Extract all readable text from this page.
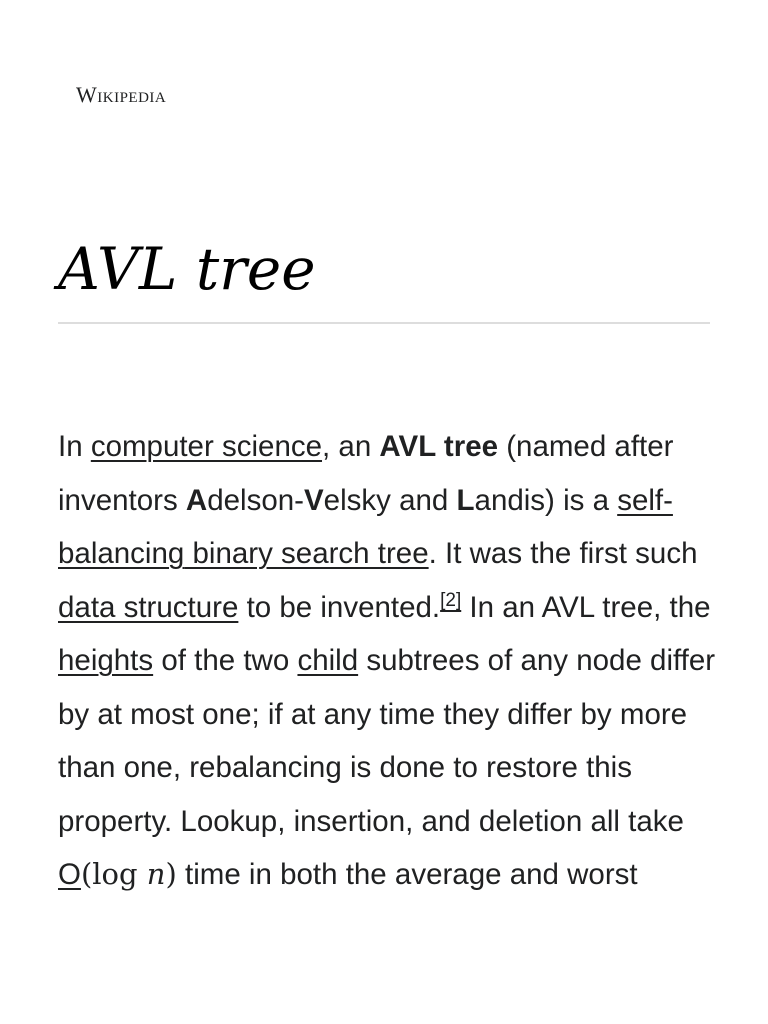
Wikipedia
AVL tree

In computer science, an AVL tree (named after inventors Adelson-Velsky and Landis) is a self-balancing binary search tree. It was the first such data structure to be invented.[2] In an AVL tree, the heights of the two child subtrees of any node differ by at most one; if at any time they differ by more than one, rebalancing is done to restore this property. Lookup, insertion, and deletion all take O(log n) time in both the average and worst
